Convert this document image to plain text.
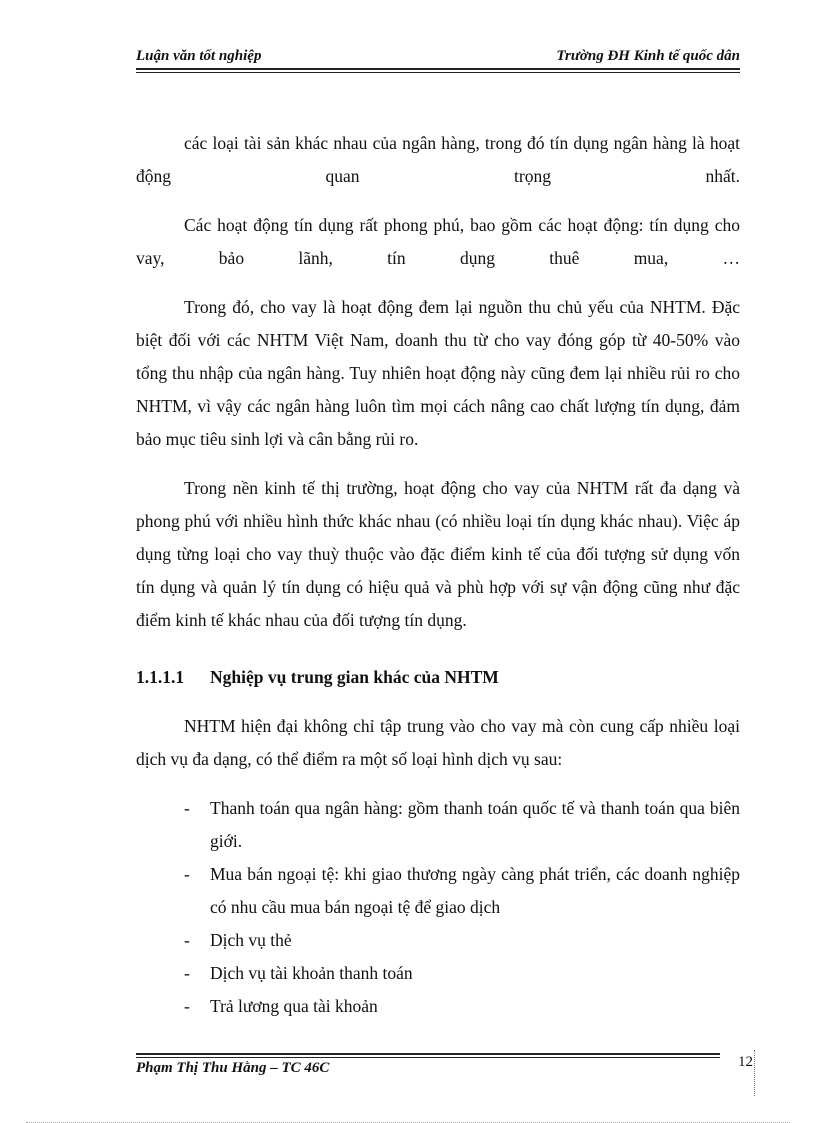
Luận văn tốt nghiệp	Trường ĐH Kinh tế quốc dân

các loại tài sản khác nhau của ngân hàng, trong đó tín dụng ngân hàng là hoạt động quan trọng nhất.

Các hoạt động tín dụng rất phong phú, bao gồm các hoạt động: tín dụng cho vay, bảo lãnh, tín dụng thuê mua, …

Trong đó, cho vay là hoạt động đem lại nguồn thu chủ yếu của NHTM. Đặc biệt đối với các NHTM Việt Nam, doanh thu từ cho vay đóng góp từ 40-50% vào tổng thu nhập của ngân hàng. Tuy nhiên hoạt động này cũng đem lại nhiều rủi ro cho NHTM, vì vậy các ngân hàng luôn tìm mọi cách nâng cao chất lượng tín dụng, đảm bảo mục tiêu sinh lợi và cân bằng rủi ro.

Trong nền kinh tế thị trường, hoạt động cho vay của NHTM rất đa dạng và phong phú với nhiều hình thức khác nhau (có nhiều loại tín dụng khác nhau). Việc áp dụng từng loại cho vay thuỳ thuộc vào đặc điểm kinh tế của đối tượng sử dụng vốn tín dụng và quản lý tín dụng có hiệu quả và phù hợp với sự vận động cũng như đặc điểm kinh tế khác nhau của đối tượng tín dụng.

1.1.1.1	Nghiệp vụ trung gian khác của NHTM

NHTM hiện đại không chỉ tập trung vào cho vay mà còn cung cấp nhiều loại dịch vụ đa dạng, có thể điểm ra một số loại hình dịch vụ sau:

- Thanh toán qua ngân hàng: gồm thanh toán quốc tế và thanh toán qua biên giới.
- Mua bán ngoại tệ: khi giao thương ngày càng phát triển, các doanh nghiệp có nhu cầu mua bán ngoại tệ để giao dịch
- Dịch vụ thẻ
- Dịch vụ tài khoản thanh toán
- Trả lương qua tài khoản
Phạm Thị Thu Hằng – TC 46C	12
